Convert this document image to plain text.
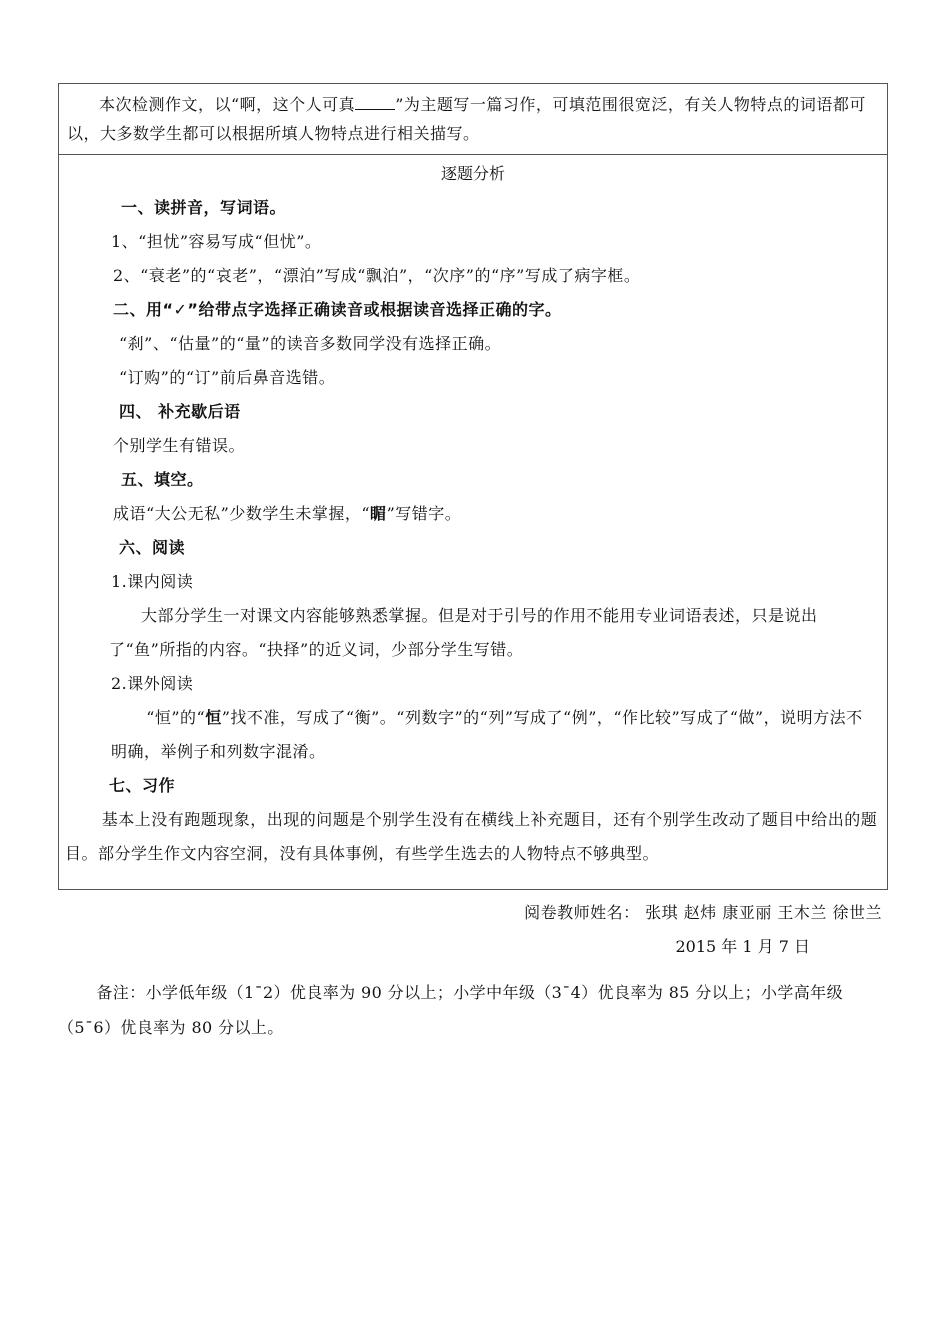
本次检测作文，以“啊，这个人可真	”为主题写一篇习作，可填范围很宽泛，有关人物特点的词语都可以，大多数学生都可以根据所填人物特点进行相关描写。

逐题分析
一、读拼音，写词语。
1、“担忧”容易写成“但忧”。
2、“衰老”的“哀老”，“漂泊”写成“飘泊”，“次序”的“序”写成了病字框。
二、用“✓”给带点字选择正确读音或根据读音选择正确的字。
“刹”、“估量”的“量”的读音多数同学没有选择正确。
“订购”的“订”前后鼻音选错。
四、 补充歇后语
个别学生有错误。
五、填空。
成语“大公无私”少数学生未掌握，“睸”写错字。
六、阅读
1.课内阅读
大部分学生一对课文内容能够熟悉掌握。但是对于引号的作用不能用专业词语表述，只是说出了“鱼”所指的内容。“抉择”的近义词，少部分学生写错。
2.课外阅读
“恒”的“恒”找不准，写成了“衡”。“列数字”的“列”写成了“例”，“作比较”写成了“做”，说明方法不明确，举例子和列数字混淆。
七、习作
基本上没有跑题现象，出现的问题是个别学生没有在横线上补充题目，还有个别学生改动了题目中给出的题目。部分学生作文内容空洞，没有具体事例，有些学生选去的人物特点不够典型。
阅卷教师姓名： 张琪 赵炜 康亚丽 王木兰 徐世兰
2015 年 1 月 7 日
备注：小学低年级（1ˉ2）优良率为 90 分以上；小学中年级（3ˉ4）优良率为 85 分以上；小学高年级（5ˉ6）优良率为 80 分以上。
